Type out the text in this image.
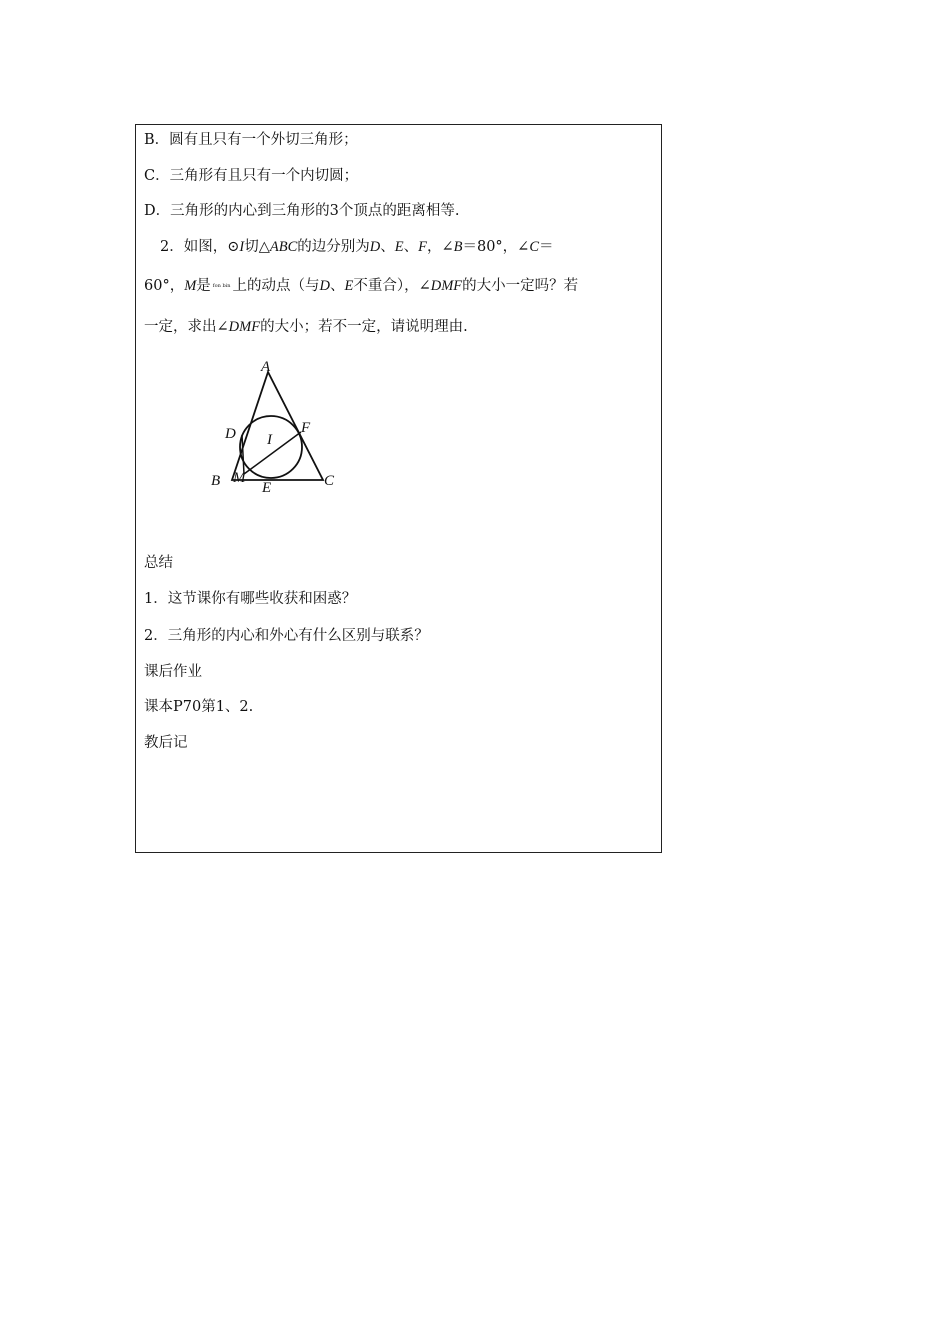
B．圆有且只有一个外切三角形；
C．三角形有且只有一个内切圆；
D．三角形的内心到三角形的3个顶点的距离相等.
2．如图，⊙I切△ABC的边分别为D、E、F，∠B＝80°，∠C＝
60°，M是 fon bin 上的动点（与D、E不重合），∠DMF的大小一定吗？若
一定，求出∠DMF的大小；若不一定，请说明理由.
A
D	F
I
B M
E	C
总结
1．这节课你有哪些收获和困惑？
2．三角形的内心和外心有什么区别与联系？
课后作业
课本P70第1、2.
教后记
